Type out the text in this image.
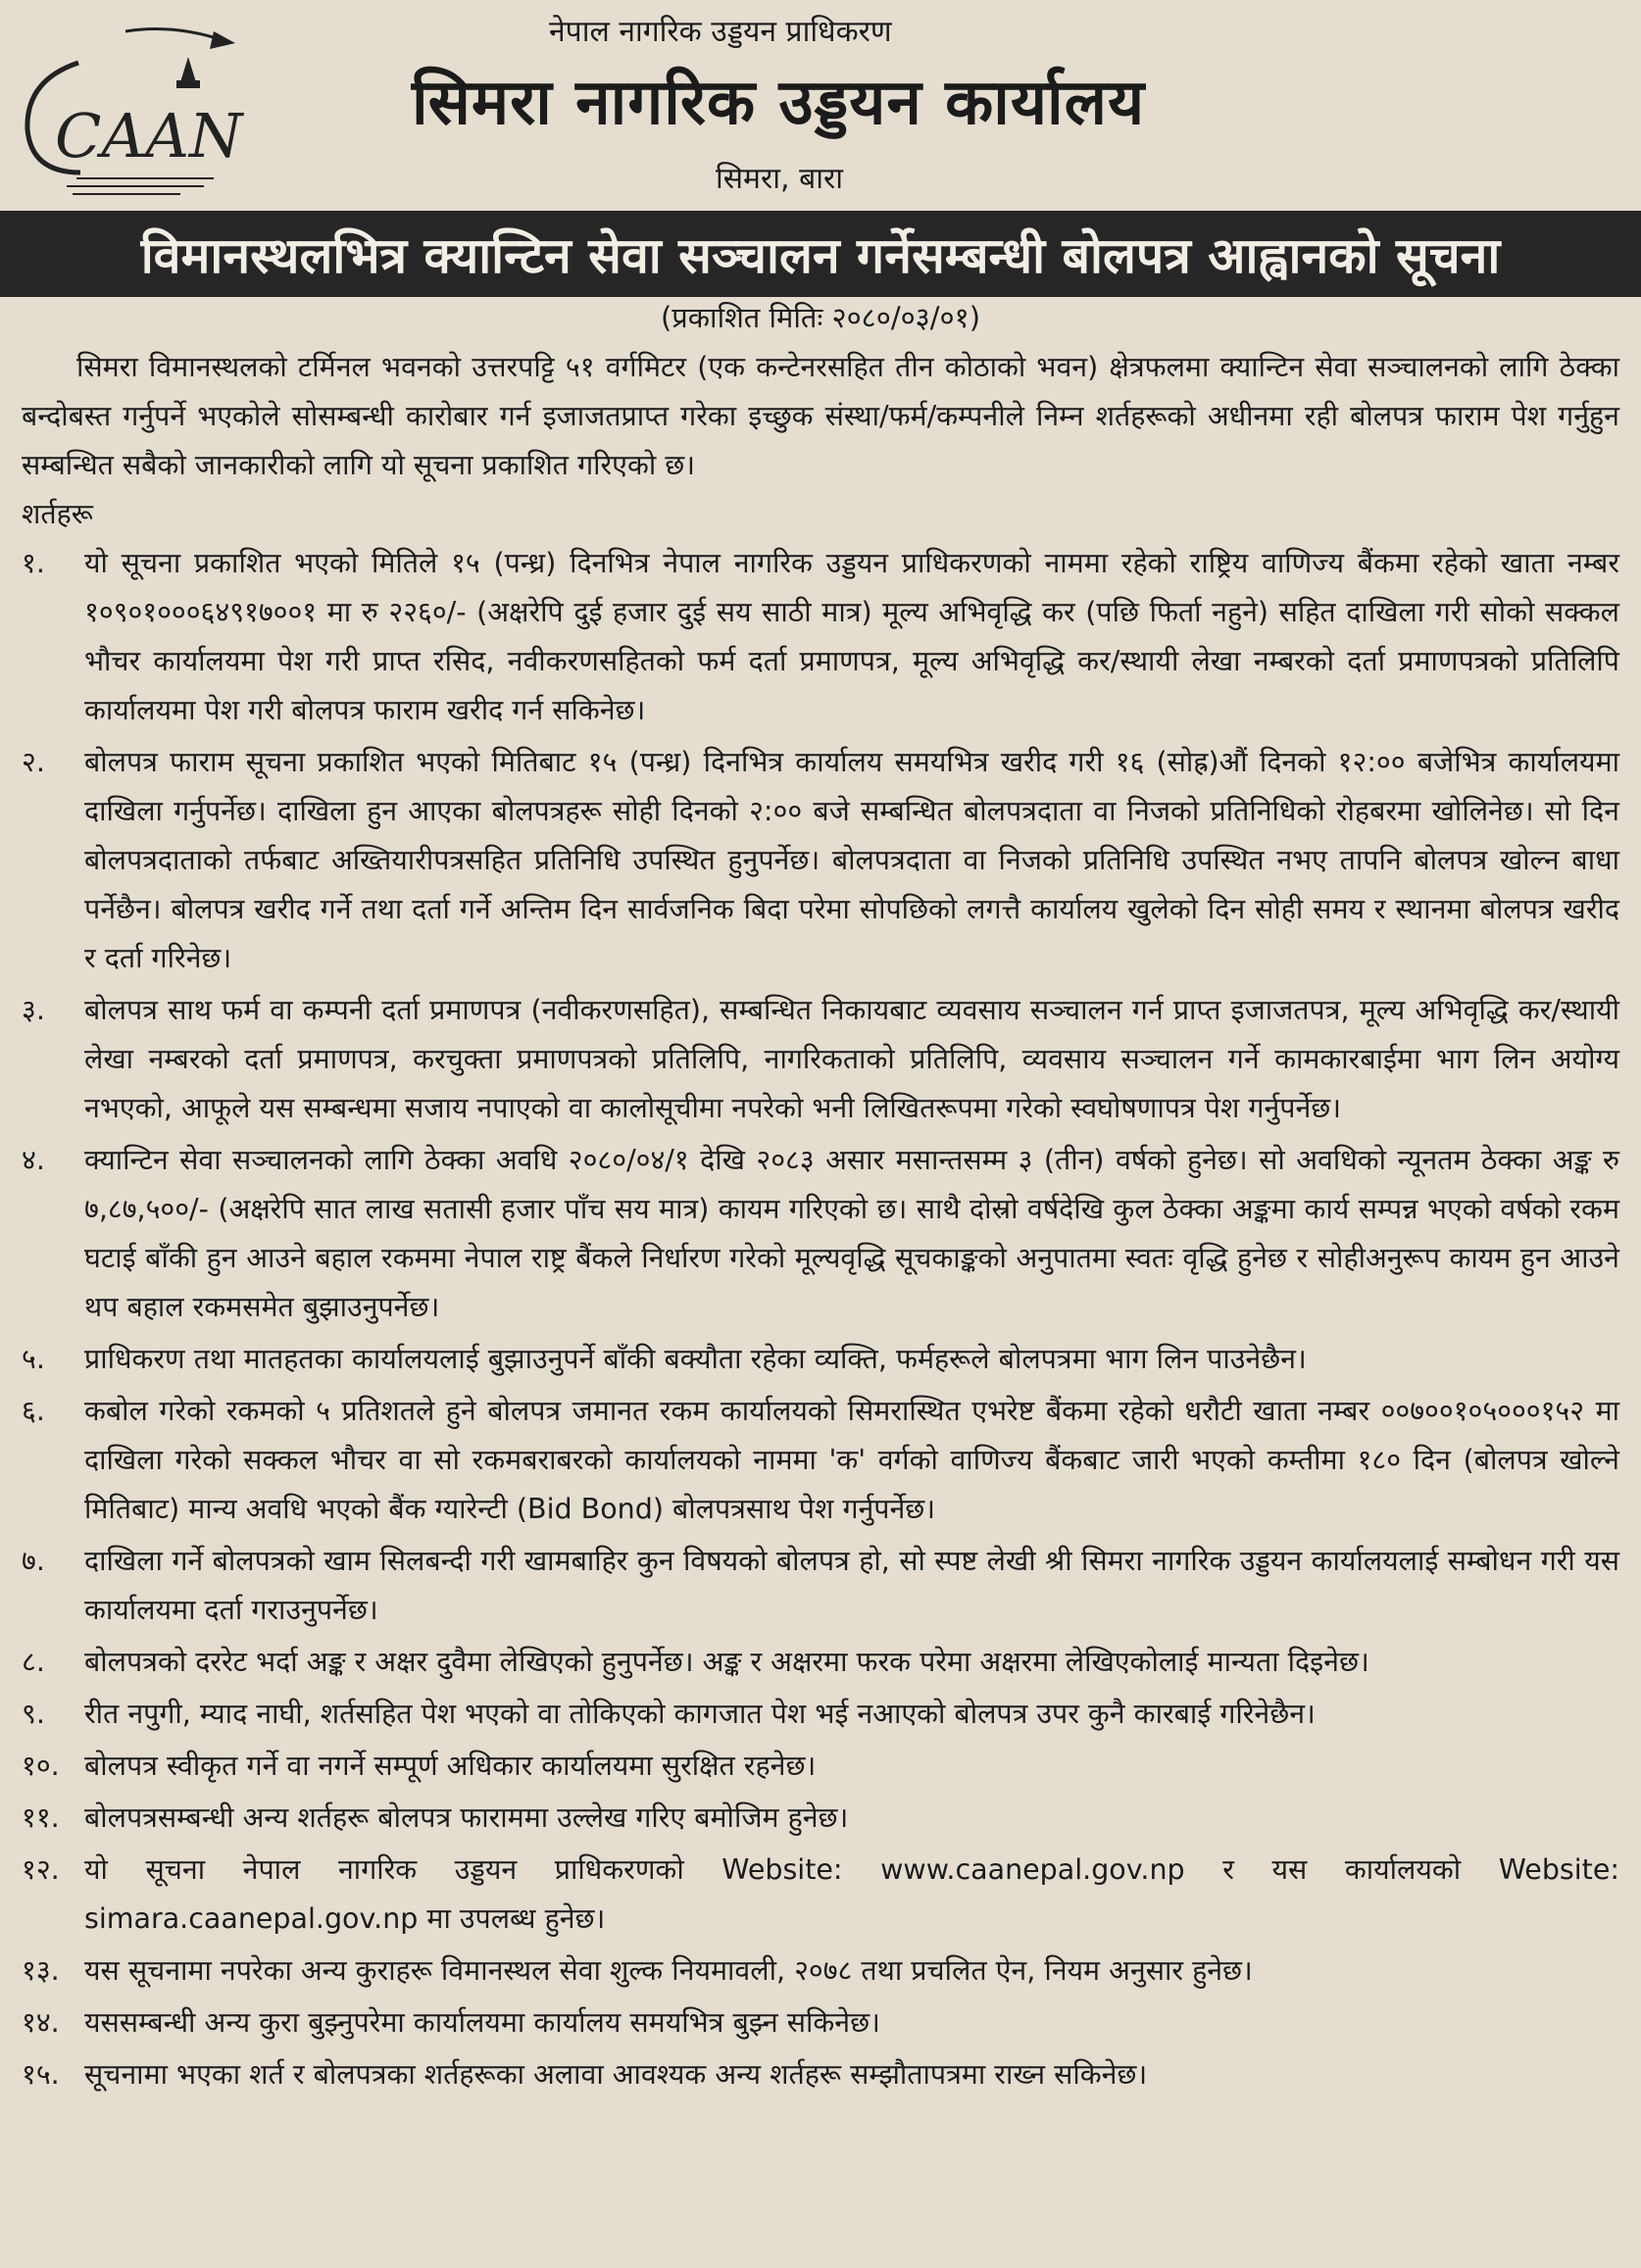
CAAN
नेपाल नागरिक उड्डयन प्राधिकरण
सिमरा नागरिक उड्डयन कार्यालय
सिमरा, बारा
विमानस्थलभित्र क्यान्टिन सेवा सञ्चालन गर्नेसम्बन्धी बोलपत्र आह्वानको सूचना
(प्रकाशित मितिः २०८०/०३/०१)

सिमरा विमानस्थलको टर्मिनल भवनको उत्तरपट्टि ५१ वर्गमिटर (एक कन्टेनरसहित तीन कोठाको भवन) क्षेत्रफलमा क्यान्टिन सेवा सञ्चालनको लागि ठेक्का बन्दोबस्त गर्नुपर्ने भएकोले सोसम्बन्धी कारोबार गर्न इजाजतप्राप्त गरेका इच्छुक संस्था/फर्म/कम्पनीले निम्न शर्तहरूको अधीनमा रही बोलपत्र फाराम पेश गर्नुहुन सम्बन्धित सबैको जानकारीको लागि यो सूचना प्रकाशित गरिएको छ।

शर्तहरू

१.	यो सूचना प्रकाशित भएको मितिले १५ (पन्ध्र) दिनभित्र नेपाल नागरिक उड्डयन प्राधिकरणको नाममा रहेको राष्ट्रिय वाणिज्य बैंकमा रहेको खाता नम्बर १०९०१०००६४९१७००१ मा रु २२६०/- (अक्षरेपि दुई हजार दुई सय साठी मात्र) मूल्य अभिवृद्धि कर (पछि फिर्ता नहुने) सहित दाखिला गरी सोको सक्कल भौचर कार्यालयमा पेश गरी प्राप्त रसिद, नवीकरणसहितको फर्म दर्ता प्रमाणपत्र, मूल्य अभिवृद्धि कर/स्थायी लेखा नम्बरको दर्ता प्रमाणपत्रको प्रतिलिपि कार्यालयमा पेश गरी बोलपत्र फाराम खरीद गर्न सकिनेछ।
२.	बोलपत्र फाराम सूचना प्रकाशित भएको मितिबाट १५ (पन्ध्र) दिनभित्र कार्यालय समयभित्र खरीद गरी १६ (सोह्र)औं दिनको १२:०० बजेभित्र कार्यालयमा दाखिला गर्नुपर्नेछ। दाखिला हुन आएका बोलपत्रहरू सोही दिनको २:०० बजे सम्बन्धित बोलपत्रदाता वा निजको प्रतिनिधिको रोहबरमा खोलिनेछ। सो दिन बोलपत्रदाताको तर्फबाट अख्तियारीपत्रसहित प्रतिनिधि उपस्थित हुनुपर्नेछ। बोलपत्रदाता वा निजको प्रतिनिधि उपस्थित नभए तापनि बोलपत्र खोल्न बाधा पर्नेछैन। बोलपत्र खरीद गर्ने तथा दर्ता गर्ने अन्तिम दिन सार्वजनिक बिदा परेमा सोपछिको लगत्तै कार्यालय खुलेको दिन सोही समय र स्थानमा बोलपत्र खरीद र दर्ता गरिनेछ।
३.	बोलपत्र साथ फर्म वा कम्पनी दर्ता प्रमाणपत्र (नवीकरणसहित), सम्बन्धित निकायबाट व्यवसाय सञ्चालन गर्न प्राप्त इजाजतपत्र, मूल्य अभिवृद्धि कर/स्थायी लेखा नम्बरको दर्ता प्रमाणपत्र, करचुक्ता प्रमाणपत्रको प्रतिलिपि, नागरिकताको प्रतिलिपि, व्यवसाय सञ्चालन गर्ने कामकारबाईमा भाग लिन अयोग्य नभएको, आफूले यस सम्बन्धमा सजाय नपाएको वा कालोसूचीमा नपरेको भनी लिखितरूपमा गरेको स्वघोषणापत्र पेश गर्नुपर्नेछ।
४.	क्यान्टिन सेवा सञ्चालनको लागि ठेक्का अवधि २०८०/०४/१ देखि २०८३ असार मसान्तसम्म ३ (तीन) वर्षको हुनेछ। सो अवधिको न्यूनतम ठेक्का अङ्क रु ७,८७,५००/- (अक्षरेपि सात लाख सतासी हजार पाँच सय मात्र) कायम गरिएको छ। साथै दोस्रो वर्षदेखि कुल ठेक्का अङ्कमा कार्य सम्पन्न भएको वर्षको रकम घटाई बाँकी हुन आउने बहाल रकममा नेपाल राष्ट्र बैंकले निर्धारण गरेको मूल्यवृद्धि सूचकाङ्कको अनुपातमा स्वतः वृद्धि हुनेछ र सोहीअनुरूप कायम हुन आउने थप बहाल रकमसमेत बुझाउनुपर्नेछ।
५.	प्राधिकरण तथा मातहतका कार्यालयलाई बुझाउनुपर्ने बाँकी बक्यौता रहेका व्यक्ति, फर्महरूले बोलपत्रमा भाग लिन पाउनेछैन।
६.	कबोल गरेको रकमको ५ प्रतिशतले हुने बोलपत्र जमानत रकम कार्यालयको सिमरास्थित एभरेष्ट बैंकमा रहेको धरौटी खाता नम्बर ००७००१०५०००१५२ मा दाखिला गरेको सक्कल भौचर वा सो रकमबराबरको कार्यालयको नाममा 'क' वर्गको वाणिज्य बैंकबाट जारी भएको कम्तीमा १८० दिन (बोलपत्र खोल्ने मितिबाट) मान्य अवधि भएको बैंक ग्यारेन्टी (Bid Bond) बोलपत्रसाथ पेश गर्नुपर्नेछ।
७.	दाखिला गर्ने बोलपत्रको खाम सिलबन्दी गरी खामबाहिर कुन विषयको बोलपत्र हो, सो स्पष्ट लेखी श्री सिमरा नागरिक उड्डयन कार्यालयलाई सम्बोधन गरी यस कार्यालयमा दर्ता गराउनुपर्नेछ।
८.	बोलपत्रको दररेट भर्दा अङ्क र अक्षर दुवैमा लेखिएको हुनुपर्नेछ। अङ्क र अक्षरमा फरक परेमा अक्षरमा लेखिएकोलाई मान्यता दिइनेछ।
९.	रीत नपुगी, म्याद नाघी, शर्तसहित पेश भएको वा तोकिएको कागजात पेश भई नआएको बोलपत्र उपर कुनै कारबाई गरिनेछैन।
१०. बोलपत्र स्वीकृत गर्ने वा नगर्ने सम्पूर्ण अधिकार कार्यालयमा सुरक्षित रहनेछ।
११. बोलपत्रसम्बन्धी अन्य शर्तहरू बोलपत्र फाराममा उल्लेख गरिए बमोजिम हुनेछ।
१२. यो सूचना नेपाल नागरिक उड्डयन प्राधिकरणको Website: www.caanepal.gov.np र यस कार्यालयको Website: simara.caanepal.gov.np मा उपलब्ध हुनेछ।
१३. यस सूचनामा नपरेका अन्य कुराहरू विमानस्थल सेवा शुल्क नियमावली, २०७८ तथा प्रचलित ऐन, नियम अनुसार हुनेछ।
१४. यससम्बन्धी अन्य कुरा बुझ्नुपरेमा कार्यालयमा कार्यालय समयभित्र बुझ्न सकिनेछ।
१५. सूचनामा भएका शर्त र बोलपत्रका शर्तहरूका अलावा आवश्यक अन्य शर्तहरू सम्झौतापत्रमा राख्न सकिनेछ।
